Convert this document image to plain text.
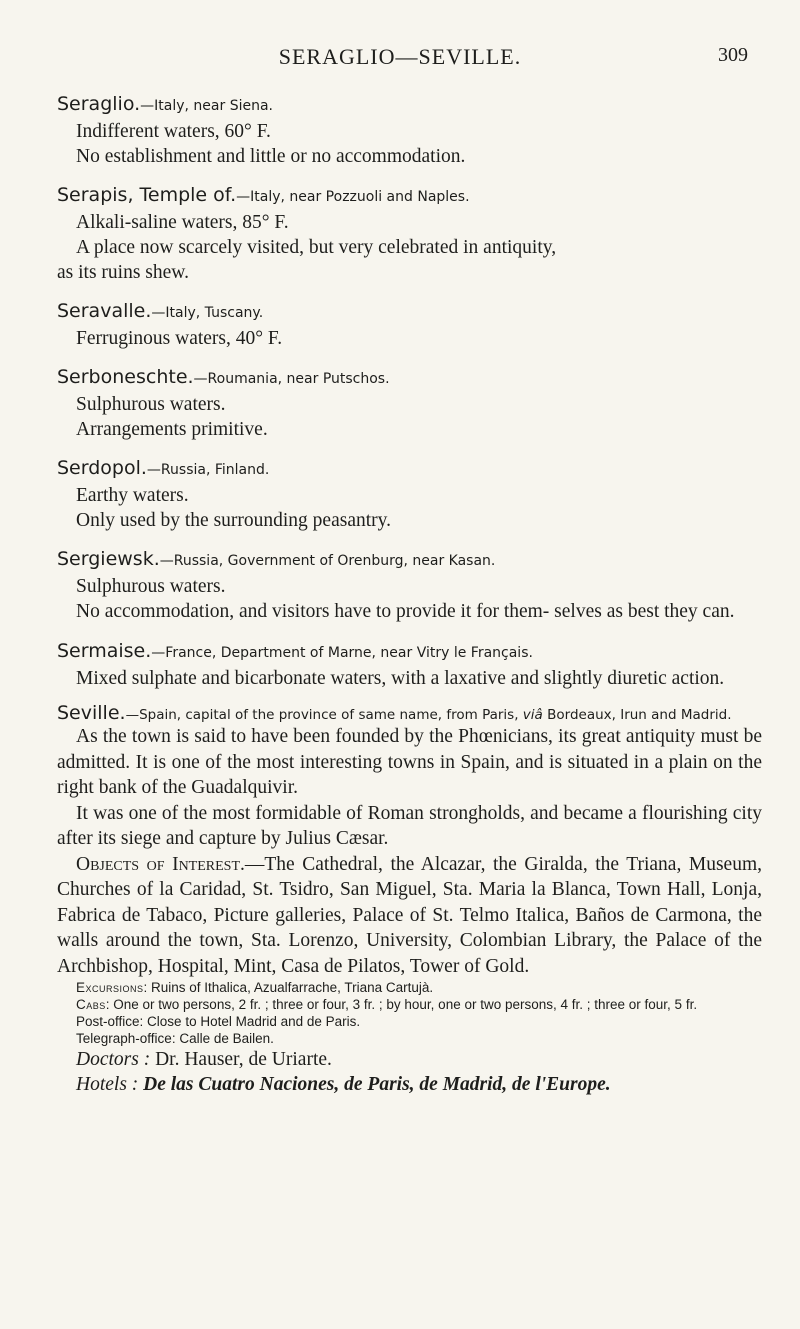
SERAGLIO—SEVILLE.	309
Seraglio.—Italy, near Siena.
Indifferent waters, 60° F.
No establishment and little or no accommodation.
Serapis, Temple of.—Italy, near Pozzuoli and Naples.
Alkali-saline waters, 85° F.
A place now scarcely visited, but very celebrated in antiquity,
as its ruins shew.
Seravalle.—Italy, Tuscany.
Ferruginous waters, 40° F.
Serboneschte.—Roumania, near Putschos.
Sulphurous waters.
Arrangements primitive.
Serdopol.—Russia, Finland.
Earthy waters.
Only used by the surrounding peasantry.
Sergiewsk.—Russia, Government of Orenburg, near Kasan.
Sulphurous waters.

No accommodation, and visitors have to provide it for them- selves as best they can.

Sermaise.—France, Department of Marne, near Vitry le Français.

Mixed sulphate and bicarbonate waters, with a laxative and slightly diuretic action.

Seville.—Spain, capital of the province of same name, from Paris, viâ Bordeaux, Irun and Madrid.

As the town is said to have been founded by the Phœnicians, its great antiquity must be admitted. It is one of the most interesting towns in Spain, and is situated in a plain on the right bank of the Guadalquivir.

It was one of the most formidable of Roman strongholds, and became a flourishing city after its siege and capture by Julius Cæsar.

Objects of Interest.—The Cathedral, the Alcazar, the Giralda, the Triana, Museum, Churches of la Caridad, St. Tsidro, San Miguel, Sta. Maria la Blanca, Town Hall, Lonja, Fabrica de Tabaco, Picture galleries, Palace of St. Telmo Italica, Baños de Carmona, the walls around the town, Sta. Lorenzo, University, Colombian Library, the Palace of the Archbishop, Hospital, Mint, Casa de Pilatos, Tower of Gold.

Excursions: Ruins of Ithalica, Azualfarrache, Triana Cartujà.
Cabs: One or two persons, 2 fr. ; three or four, 3 fr. ; by hour, one or two persons, 4 fr. ; three or four, 5 fr.
Post-office: Close to Hotel Madrid and de Paris.
Telegraph-office: Calle de Bailen.
Doctors : Dr. Hauser, de Uriarte.

Hotels : De las Cuatro Naciones, de Paris, de Madrid, de l'Europe.
